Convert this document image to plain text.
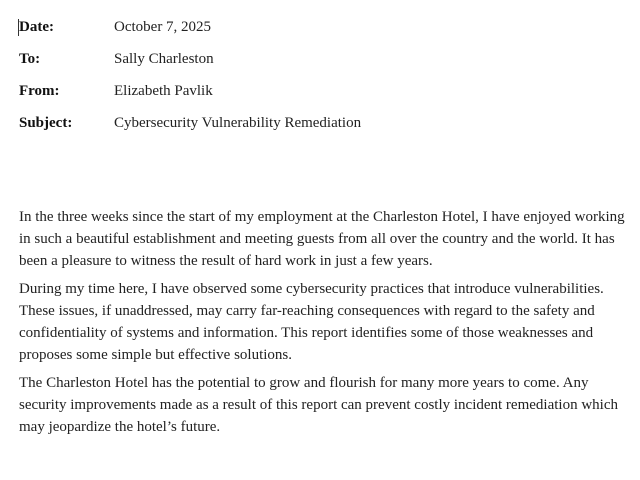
Date:	October 7, 2025
To:	Sally Charleston
From:	Elizabeth Pavlik
Subject:	Cybersecurity Vulnerability Remediation

In the three weeks since the start of my employment at the Charleston Hotel, I have enjoyed working in such a beautiful establishment and meeting guests from all over the country and the world. It has been a pleasure to witness the result of hard work in just a few years.

During my time here, I have observed some cybersecurity practices that introduce vulnerabilities. These issues, if unaddressed, may carry far-reaching consequences with regard to the safety and confidentiality of systems and information. This report identifies some of those weaknesses and proposes some simple but effective solutions.

The Charleston Hotel has the potential to grow and flourish for many more years to come. Any security improvements made as a result of this report can prevent costly incident remediation which may jeopardize the hotel’s future.
